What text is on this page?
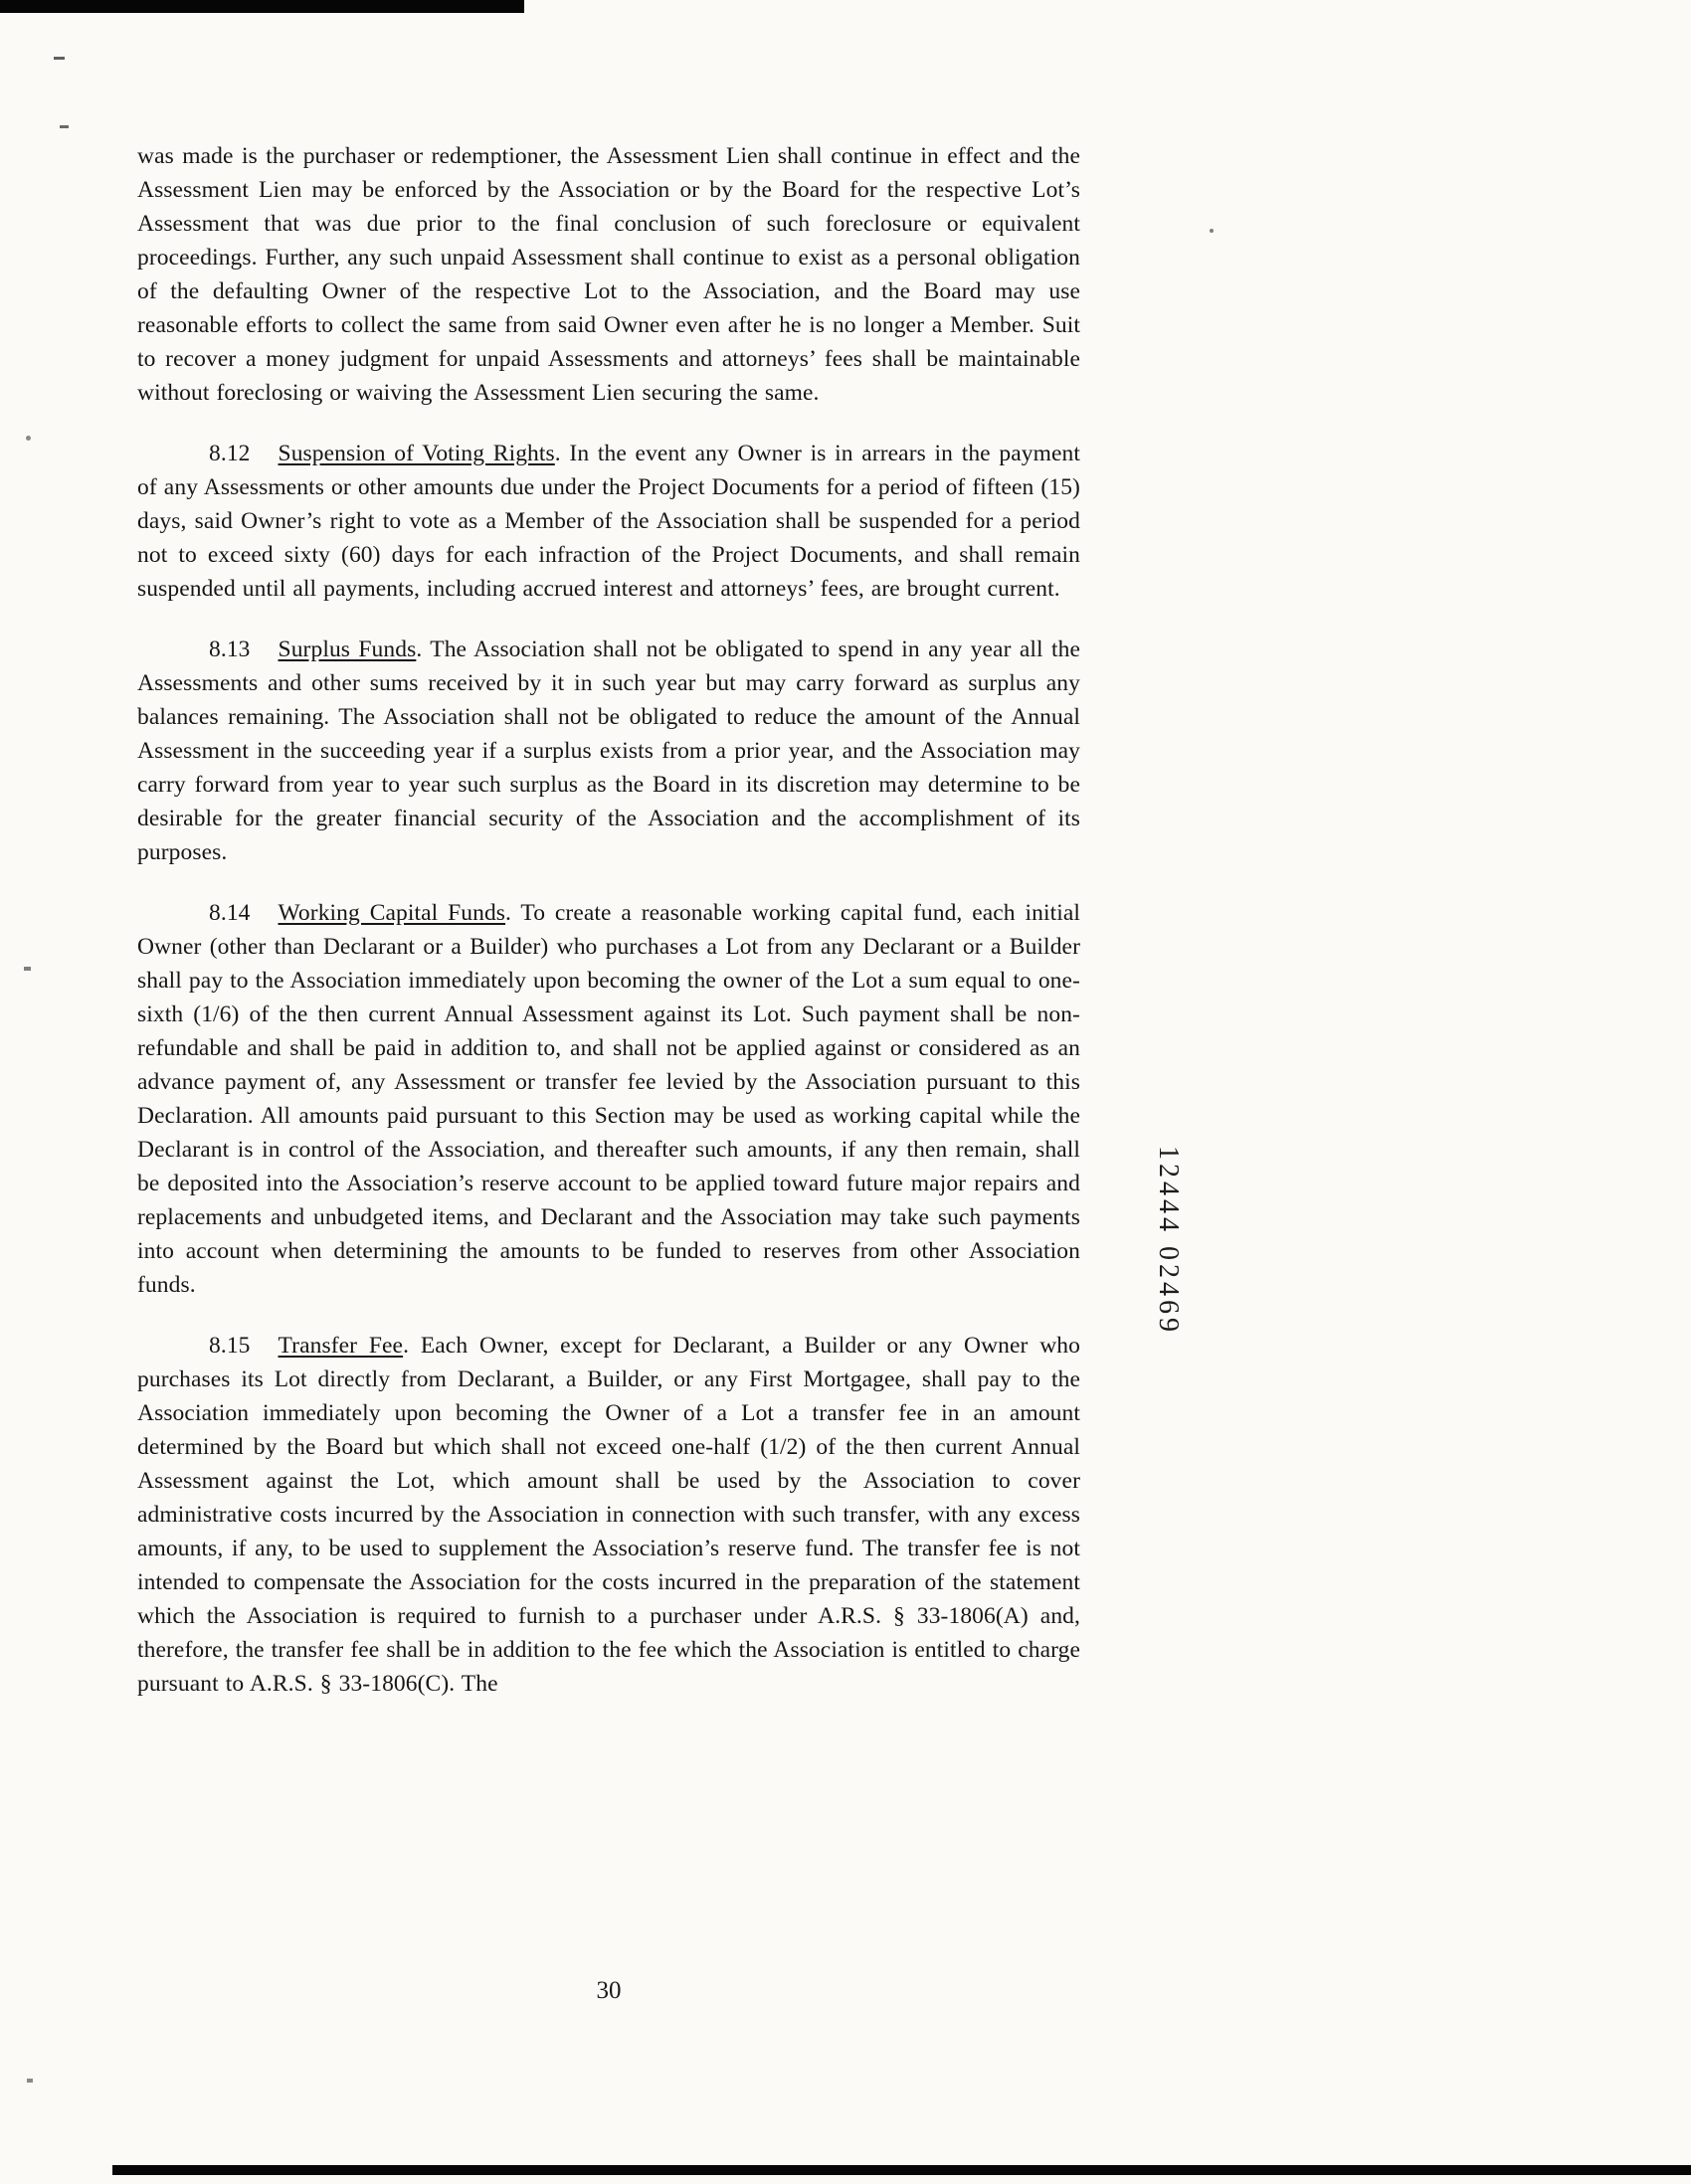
was made is the purchaser or redemptioner, the Assessment Lien shall continue in effect and the Assessment Lien may be enforced by the Association or by the Board for the respective Lot’s Assessment that was due prior to the final conclusion of such foreclosure or equivalent proceedings. Further, any such unpaid Assessment shall continue to exist as a personal obligation of the defaulting Owner of the respective Lot to the Association, and the Board may use reasonable efforts to collect the same from said Owner even after he is no longer a Member. Suit to recover a money judgment for unpaid Assessments and attorneys’ fees shall be maintainable without foreclosing or waiving the Assessment Lien securing the same.

8.12 Suspension of Voting Rights. In the event any Owner is in arrears in the payment of any Assessments or other amounts due under the Project Documents for a period of fifteen (15) days, said Owner’s right to vote as a Member of the Association shall be suspended for a period not to exceed sixty (60) days for each infraction of the Project Documents, and shall remain suspended until all payments, including accrued interest and attorneys’ fees, are brought current.

8.13 Surplus Funds. The Association shall not be obligated to spend in any year all the Assessments and other sums received by it in such year but may carry forward as surplus any balances remaining. The Association shall not be obligated to reduce the amount of the Annual Assessment in the succeeding year if a surplus exists from a prior year, and the Association may carry forward from year to year such surplus as the Board in its discretion may determine to be desirable for the greater financial security of the Association and the accomplishment of its purposes.

8.14 Working Capital Funds. To create a reasonable working capital fund, each initial Owner (other than Declarant or a Builder) who purchases a Lot from any Declarant or a Builder shall pay to the Association immediately upon becoming the owner of the Lot a sum equal to one-sixth (1/6) of the then current Annual Assessment against its Lot. Such payment shall be non-refundable and shall be paid in addition to, and shall not be applied against or considered as an advance payment of, any Assessment or transfer fee levied by the Association pursuant to this Declaration. All amounts paid pursuant to this Section may be used as working capital while the Declarant is in control of the Association, and thereafter such amounts, if any then remain, shall be deposited into the Association’s reserve account to be applied toward future major repairs and replacements and unbudgeted items, and Declarant and the Association may take such payments into account when determining the amounts to be funded to reserves from other Association funds.

8.15 Transfer Fee. Each Owner, except for Declarant, a Builder or any Owner who purchases its Lot directly from Declarant, a Builder, or any First Mortgagee, shall pay to the Association immediately upon becoming the Owner of a Lot a transfer fee in an amount determined by the Board but which shall not exceed one-half (1/2) of the then current Annual Assessment against the Lot, which amount shall be used by the Association to cover administrative costs incurred by the Association in connection with such transfer, with any excess amounts, if any, to be used to supplement the Association’s reserve fund. The transfer fee is not intended to compensate the Association for the costs incurred in the preparation of the statement which the Association is required to furnish to a purchaser under A.R.S. § 33-1806(A) and, therefore, the transfer fee shall be in addition to the fee which the Association is entitled to charge pursuant to A.R.S. § 33-1806(C). The

12444 02469
30
